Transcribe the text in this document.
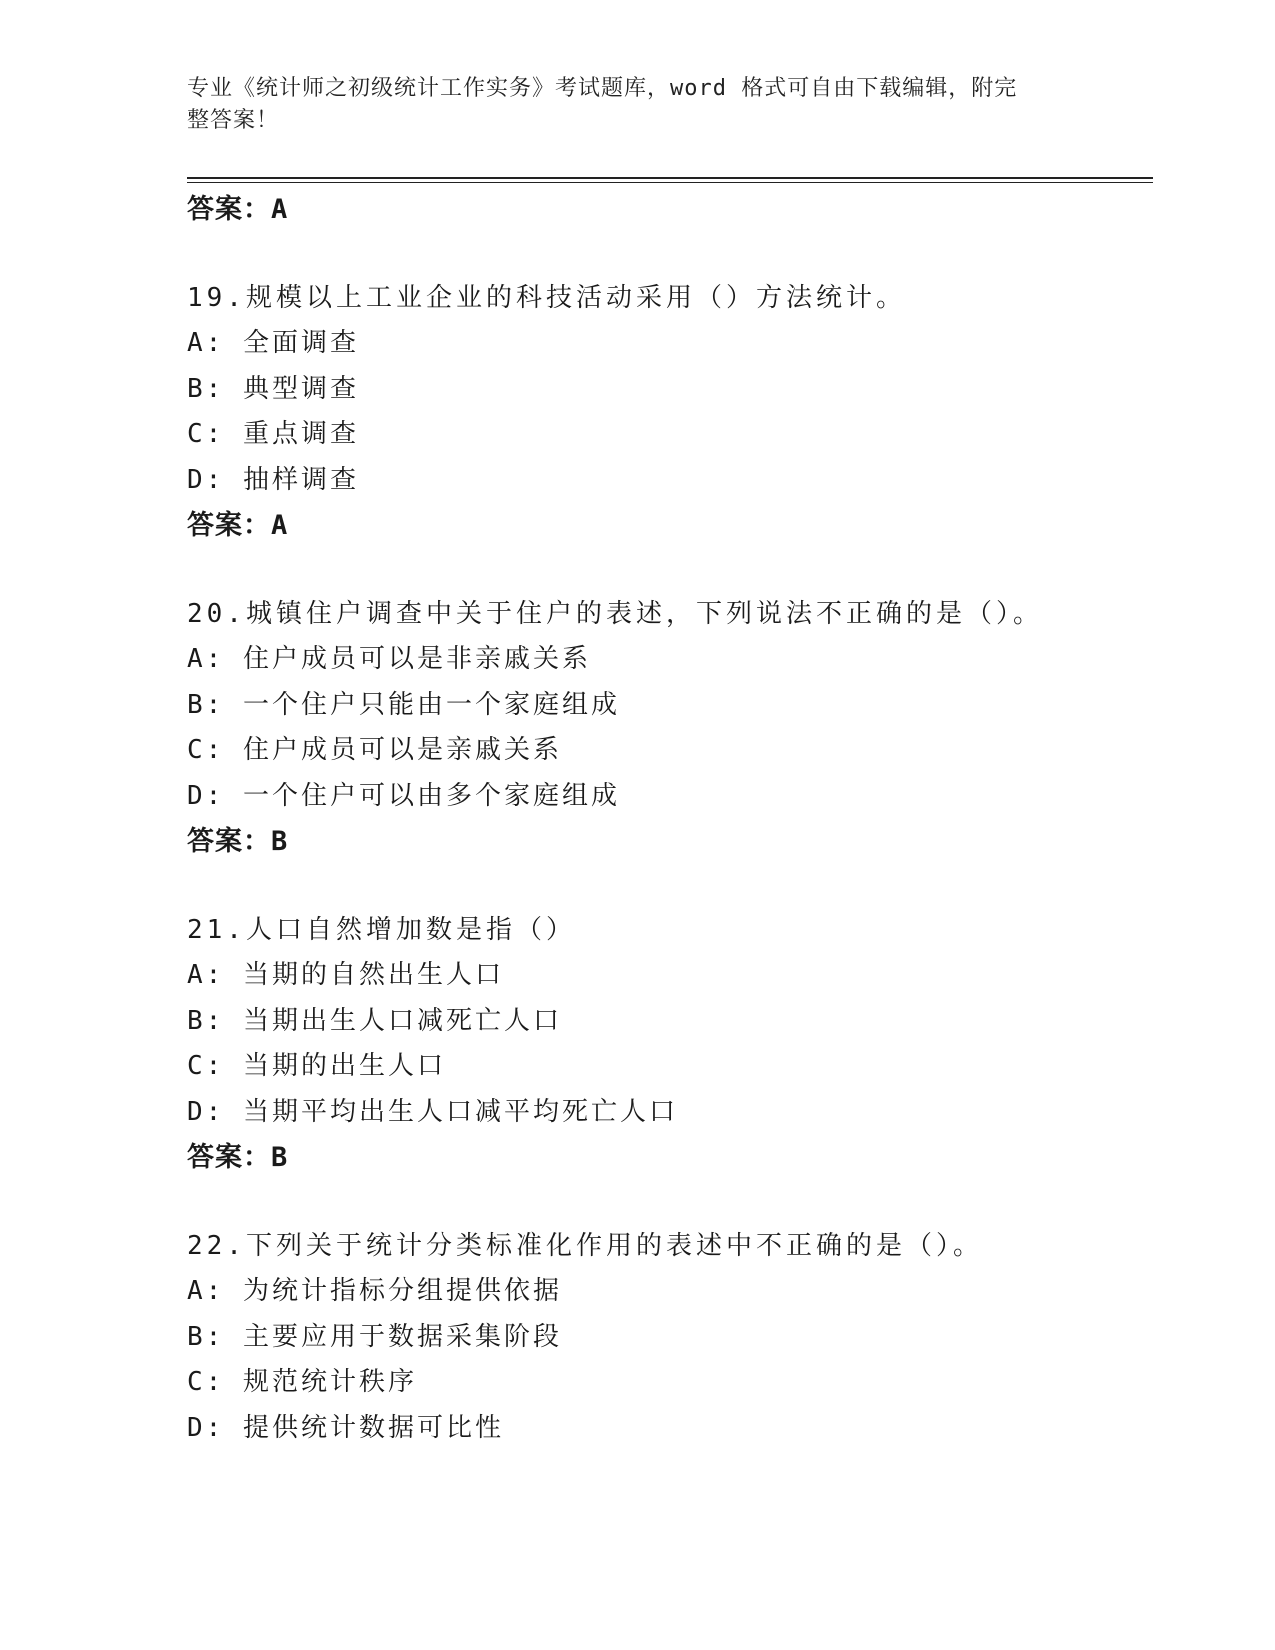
专业《统计师之初级统计工作实务》考试题库，word 格式可自由下载编辑，附完
整答案！
答案：A
19.规模以上工业企业的科技活动采用（）方法统计。
A: 全面调查
B: 典型调查
C: 重点调查
D: 抽样调查
答案：A
20.城镇住户调查中关于住户的表述，下列说法不正确的是（）。
A: 住户成员可以是非亲戚关系
B: 一个住户只能由一个家庭组成
C: 住户成员可以是亲戚关系
D: 一个住户可以由多个家庭组成
答案：B
21.人口自然增加数是指（）
A: 当期的自然出生人口
B: 当期出生人口减死亡人口
C: 当期的出生人口
D: 当期平均出生人口减平均死亡人口
答案：B
22.下列关于统计分类标准化作用的表述中不正确的是（）。
A: 为统计指标分组提供依据
B: 主要应用于数据采集阶段
C: 规范统计秩序
D: 提供统计数据可比性
